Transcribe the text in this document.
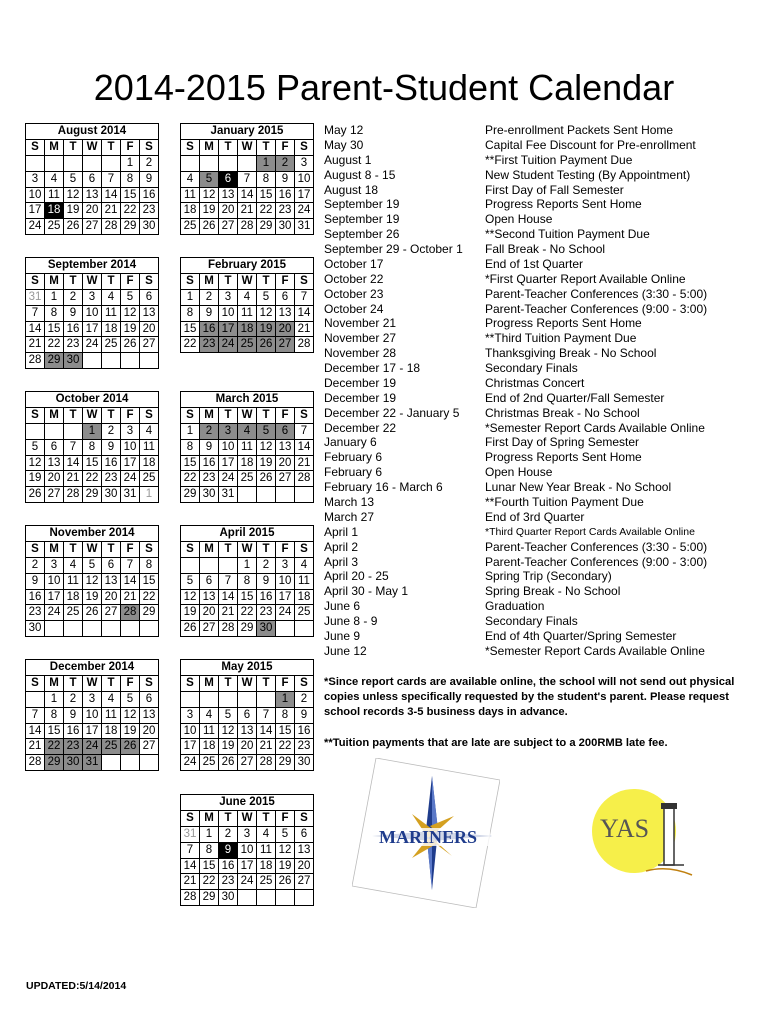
2014-2015 Parent-Student Calendar
August 2014						
S	M	T	W	T	F	S
					1	2
3	4	5	6	7	8	9
10	11	12	13	14	15	16
17	18	19	20	21	22	23
24	25	26	27	28	29	30
January 2015						
S	M	T	W	T	F	S
				1	2	3
4	5	6	7	8	9	10
11	12	13	14	15	16	17
18	19	20	21	22	23	24
25	26	27	28	29	30	31
September 2014						
S	M	T	W	T	F	S
31	1	2	3	4	5	6
7	8	9	10	11	12	13
14	15	16	17	18	19	20
21	22	23	24	25	26	27
28	29	30				
February 2015						
S	M	T	W	T	F	S
1	2	3	4	5	6	7
8	9	10	11	12	13	14
15	16	17	18	19	20	21
22	23	24	25	26	27	28
October 2014						
S	M	T	W	T	F	S
			1	2	3	4
5	6	7	8	9	10	11
12	13	14	15	16	17	18
19	20	21	22	23	24	25
26	27	28	29	30	31	1
March 2015						
S	M	T	W	T	F	S
1	2	3	4	5	6	7
8	9	10	11	12	13	14
15	16	17	18	19	20	21
22	23	24	25	26	27	28
29	30	31				
November 2014						
S	M	T	W	T	F	S
2	3	4	5	6	7	8
9	10	11	12	13	14	15
16	17	18	19	20	21	22
23	24	25	26	27	28	29
30						
April 2015						
S	M	T	W	T	F	S
			1	2	3	4
5	6	7	8	9	10	11
12	13	14	15	16	17	18
19	20	21	22	23	24	25
26	27	28	29	30		
December 2014						
S	M	T	W	T	F	S
	1	2	3	4	5	6
7	8	9	10	11	12	13
14	15	16	17	18	19	20
21	22	23	24	25	26	27
28	29	30	31			
May 2015						
S	M	T	W	T	F	S
					1	2
3	4	5	6	7	8	9
10	11	12	13	14	15	16
17	18	19	20	21	22	23
24	25	26	27	28	29	30
June 2015						
S	M	T	W	T	F	S
31	1	2	3	4	5	6
7	8	9	10	11	12	13
14	15	16	17	18	19	20
21	22	23	24	25	26	27
28	29	30				
May 12	Pre-enrollment Packets Sent Home
May 30	Capital Fee Discount for Pre-enrollment
August 1	**First Tuition Payment Due
August 8 - 15	New Student Testing (By Appointment)
August 18	First Day of Fall Semester
September 19	Progress Reports Sent Home
September 19	Open House
September 26	**Second Tuition Payment Due
September 29 - October 1 Fall Break - No School
October 17	End of 1st Quarter
October 22	*First Quarter Report Available Online
October 23	Parent-Teacher Conferences (3:30 - 5:00)
October 24	Parent-Teacher Conferences (9:00 - 3:00)
November 21	Progress Reports Sent Home
November 27	**Third Tuition Payment Due
November 28	Thanksgiving Break - No School
December 17 - 18	Secondary Finals
December 19	Christmas Concert
December 19	End of 2nd Quarter/Fall Semester
December 22 - January 5 Christmas Break - No School
December 22	*Semester Report Cards Available Online
January 6	First Day of Spring Semester
February 6	Progress Reports Sent Home
February 6	Open House
February 16 - March 6	Lunar New Year Break - No School
March 13	**Fourth Tuition Payment Due
March 27	End of 3rd Quarter
April 1	*Third Quarter Report Cards Available Online
April 2	Parent-Teacher Conferences (3:30 - 5:00)
April 3	Parent-Teacher Conferences (9:00 - 3:00)
April 20 - 25	Spring Trip (Secondary)
April 30 - May 1	Spring Break - No School
June 6	Graduation
June 8 - 9	Secondary Finals
June 9	End of 4th Quarter/Spring Semester
June 12	*Semester Report Cards Available Online
*Since report cards are available online, the school will not send out physical copies unless specifically requested by the student's parent. Please request school records 3-5 business days in advance.
**Tuition payments that are late are subject to a 200RMB late fee.
MARINERS	YAS
UPDATED:5/14/2014
